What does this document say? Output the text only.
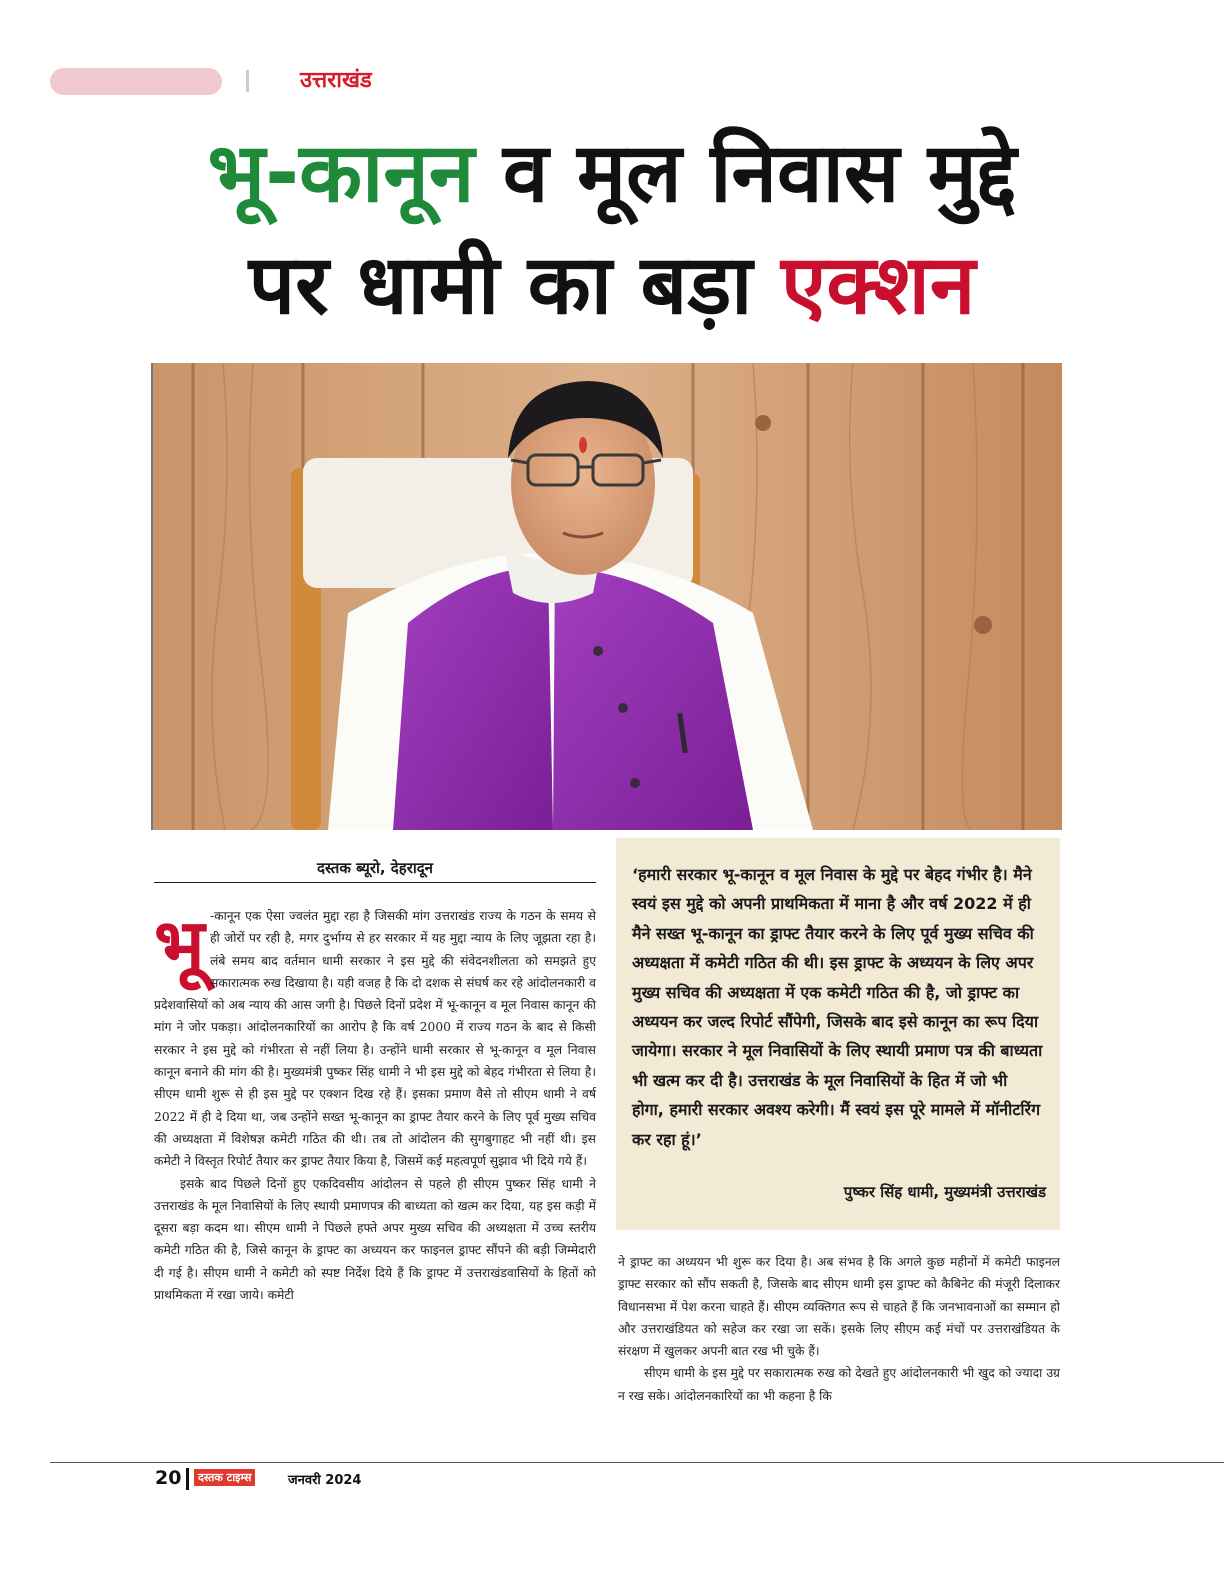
उत्तराखंड
भू-कानून व मूल निवास मुद्दे
पर धामी का बड़ा एक्शन
दस्तक ब्यूरो, देहरादून
भू -कानून एक ऐसा ज्वलंत मुद्दा रहा है जिसकी मांग उत्तराखंड राज्य के गठन के समय से ही जोरों पर रही है, मगर दुर्भाग्य से हर सरकार में यह मुद्दा न्याय के लिए जूझता रहा है। लंबे समय बाद वर्तमान धामी सरकार ने इस मुद्दे की संवेदनशीलता को समझते हुए सकारात्मक रुख दिखाया है। यही वजह है कि दो दशक से संघर्ष कर रहे आंदोलनकारी व प्रदेशवासियों को अब न्याय की आस जगी है। पिछले दिनों प्रदेश में भू-कानून व मूल निवास कानून की मांग ने जोर पकड़ा। आंदोलनकारियों का आरोप है कि वर्ष 2000 में राज्य गठन के बाद से किसी सरकार ने इस मुद्दे को गंभीरता से नहीं लिया है। उन्होंने धामी सरकार से भू-कानून व मूल निवास कानून बनाने की मांग की है। मुख्यमंत्री पुष्कर सिंह धामी ने भी इस मुद्दे को बेहद गंभीरता से लिया है। सीएम धामी शुरू से ही इस मुद्दे पर एक्शन दिख रहे हैं। इसका प्रमाण वैसे तो सीएम धामी ने वर्ष 2022 में ही दे दिया था, जब उन्होंने सख्त भू-कानून का ड्राफ्ट तैयार करने के लिए पूर्व मुख्य सचिव की अध्यक्षता में विशेषज्ञ कमेटी गठित की थी। तब तो आंदोलन की सुगबुगाहट भी नहीं थी। इस कमेटी ने विस्तृत रिपोर्ट तैयार कर ड्राफ्ट तैयार किया है, जिसमें कई महत्वपूर्ण सुझाव भी दिये गये हैं।

इसके बाद पिछले दिनों हुए एकदिवसीय आंदोलन से पहले ही सीएम पुष्कर सिंह धामी ने उत्तराखंड के मूल निवासियों के लिए स्थायी प्रमाणपत्र की बाध्यता को खत्म कर दिया, यह इस कड़ी में दूसरा बड़ा कदम था। सीएम धामी ने पिछले हफ्ते अपर मुख्य सचिव की अध्यक्षता में उच्च स्तरीय कमेटी गठित की है, जिसे कानून के ड्राफ्ट का अध्ययन कर फाइनल ड्राफ्ट सौंपने की बड़ी जिम्मेदारी दी गई है। सीएम धामी ने कमेटी को स्पष्ट निर्देश दिये हैं कि ड्राफ्ट में उत्तराखंडवासियों के हितों को प्राथमिकता में रखा जाये। कमेटी

‘हमारी सरकार भू-कानून व मूल निवास के मुद्दे पर बेहद गंभीर है। मैने स्वयं इस मुद्दे को अपनी प्राथमिकता में माना है और वर्ष 2022 में ही मैने सख्त भू-कानून का ड्राफ्ट तैयार करने के लिए पूर्व मुख्य सचिव की अध्यक्षता में कमेटी गठित की थी। इस ड्राफ्ट के अध्ययन के लिए अपर मुख्य सचिव की अध्यक्षता में एक कमेटी गठित की है, जो ड्राफ्ट का अध्ययन कर जल्द रिपोर्ट सौंपेगी, जिसके बाद इसे कानून का रूप दिया जायेगा। सरकार ने मूल निवासियों के लिए स्थायी प्रमाण पत्र की बाध्यता भी खत्म कर दी है। उत्तराखंड के मूल निवासियों के हित में जो भी होगा, हमारी सरकार अवश्य करेगी। मैं स्वयं इस पूरे मामले में मॉनीटरिंग कर रहा हूं।’
पुष्कर सिंह धामी, मुख्यमंत्री उत्तराखंड

ने ड्राफ्ट का अध्ययन भी शुरू कर दिया है। अब संभव है कि अगले कुछ महीनों में कमेटी फाइनल ड्राफ्ट सरकार को सौंप सकती है, जिसके बाद सीएम धामी इस ड्राफ्ट को कैबिनेट की मंजूरी दिलाकर विधानसभा में पेश करना चाहते हैं। सीएम व्यक्तिगत रूप से चाहते हैं कि जनभावनाओं का सम्मान हो और उत्तराखंडियत को सहेज कर रखा जा सकें। इसके लिए सीएम कई मंचों पर उत्तराखंडियत के संरक्षण में खुलकर अपनी बात रख भी चुके हैं।

सीएम धामी के इस मुद्दे पर सकारात्मक रुख को देखते हुए आंदोलनकारी भी खुद को ज्यादा उग्र न रख सके। आंदोलनकारियों का भी कहना है कि

20	दस्तक टाइम्स	जनवरी 2024
